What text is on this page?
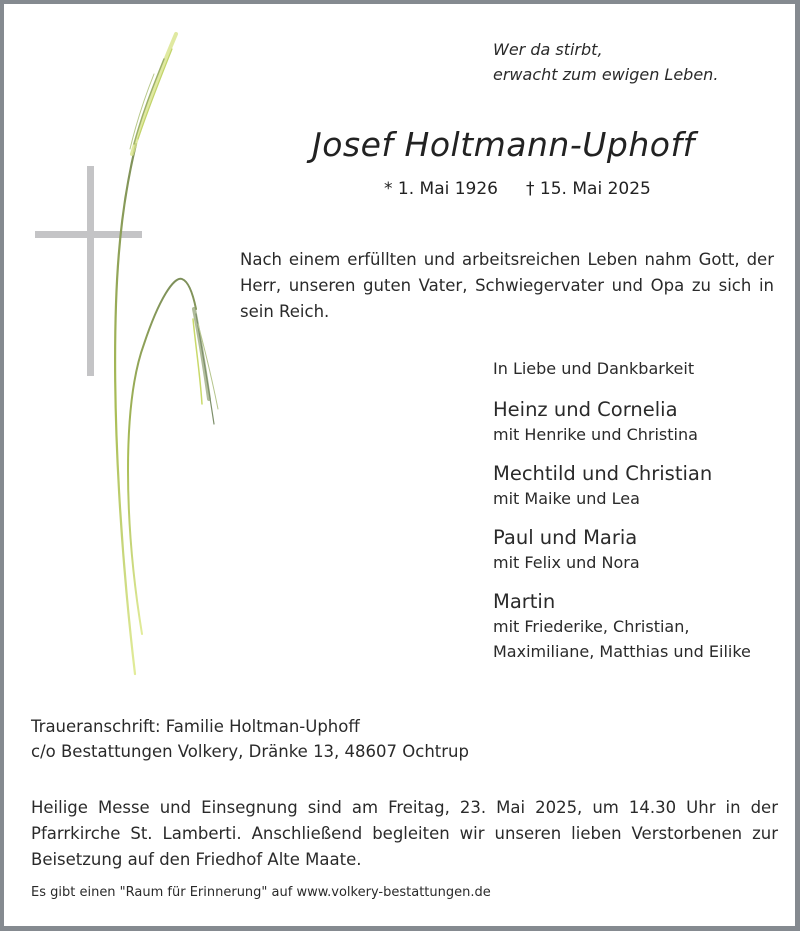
Wer da stirbt,
erwacht zum ewigen Leben.
Josef Holtmann-Uphoff
* 1. Mai 1926 † 15. Mai 2025
Nach einem erfüllten und arbeitsreichen Leben nahm Gott, der Herr, unseren guten Vater, Schwiegervater und Opa zu sich in sein Reich.
In Liebe und Dankbarkeit
Heinz und Cornelia
mit Henrike und Christina
Mechtild und Christian
mit Maike und Lea
Paul und Maria
mit Felix und Nora
Martin
mit Friederike, Christian,
Maximiliane, Matthias und Eilike
Traueranschrift: Familie Holtman-Uphoff
c/o Bestattungen Volkery, Dränke 13, 48607 Ochtrup
Heilige Messe und Einsegnung sind am Freitag, 23. Mai 2025, um 14.30 Uhr in der Pfarrkirche St. Lamberti. Anschließend begleiten wir unseren lieben Verstorbenen zur Beisetzung auf den Friedhof Alte Maate.
Es gibt einen "Raum für Erinnerung" auf www.volkery-bestattungen.de
